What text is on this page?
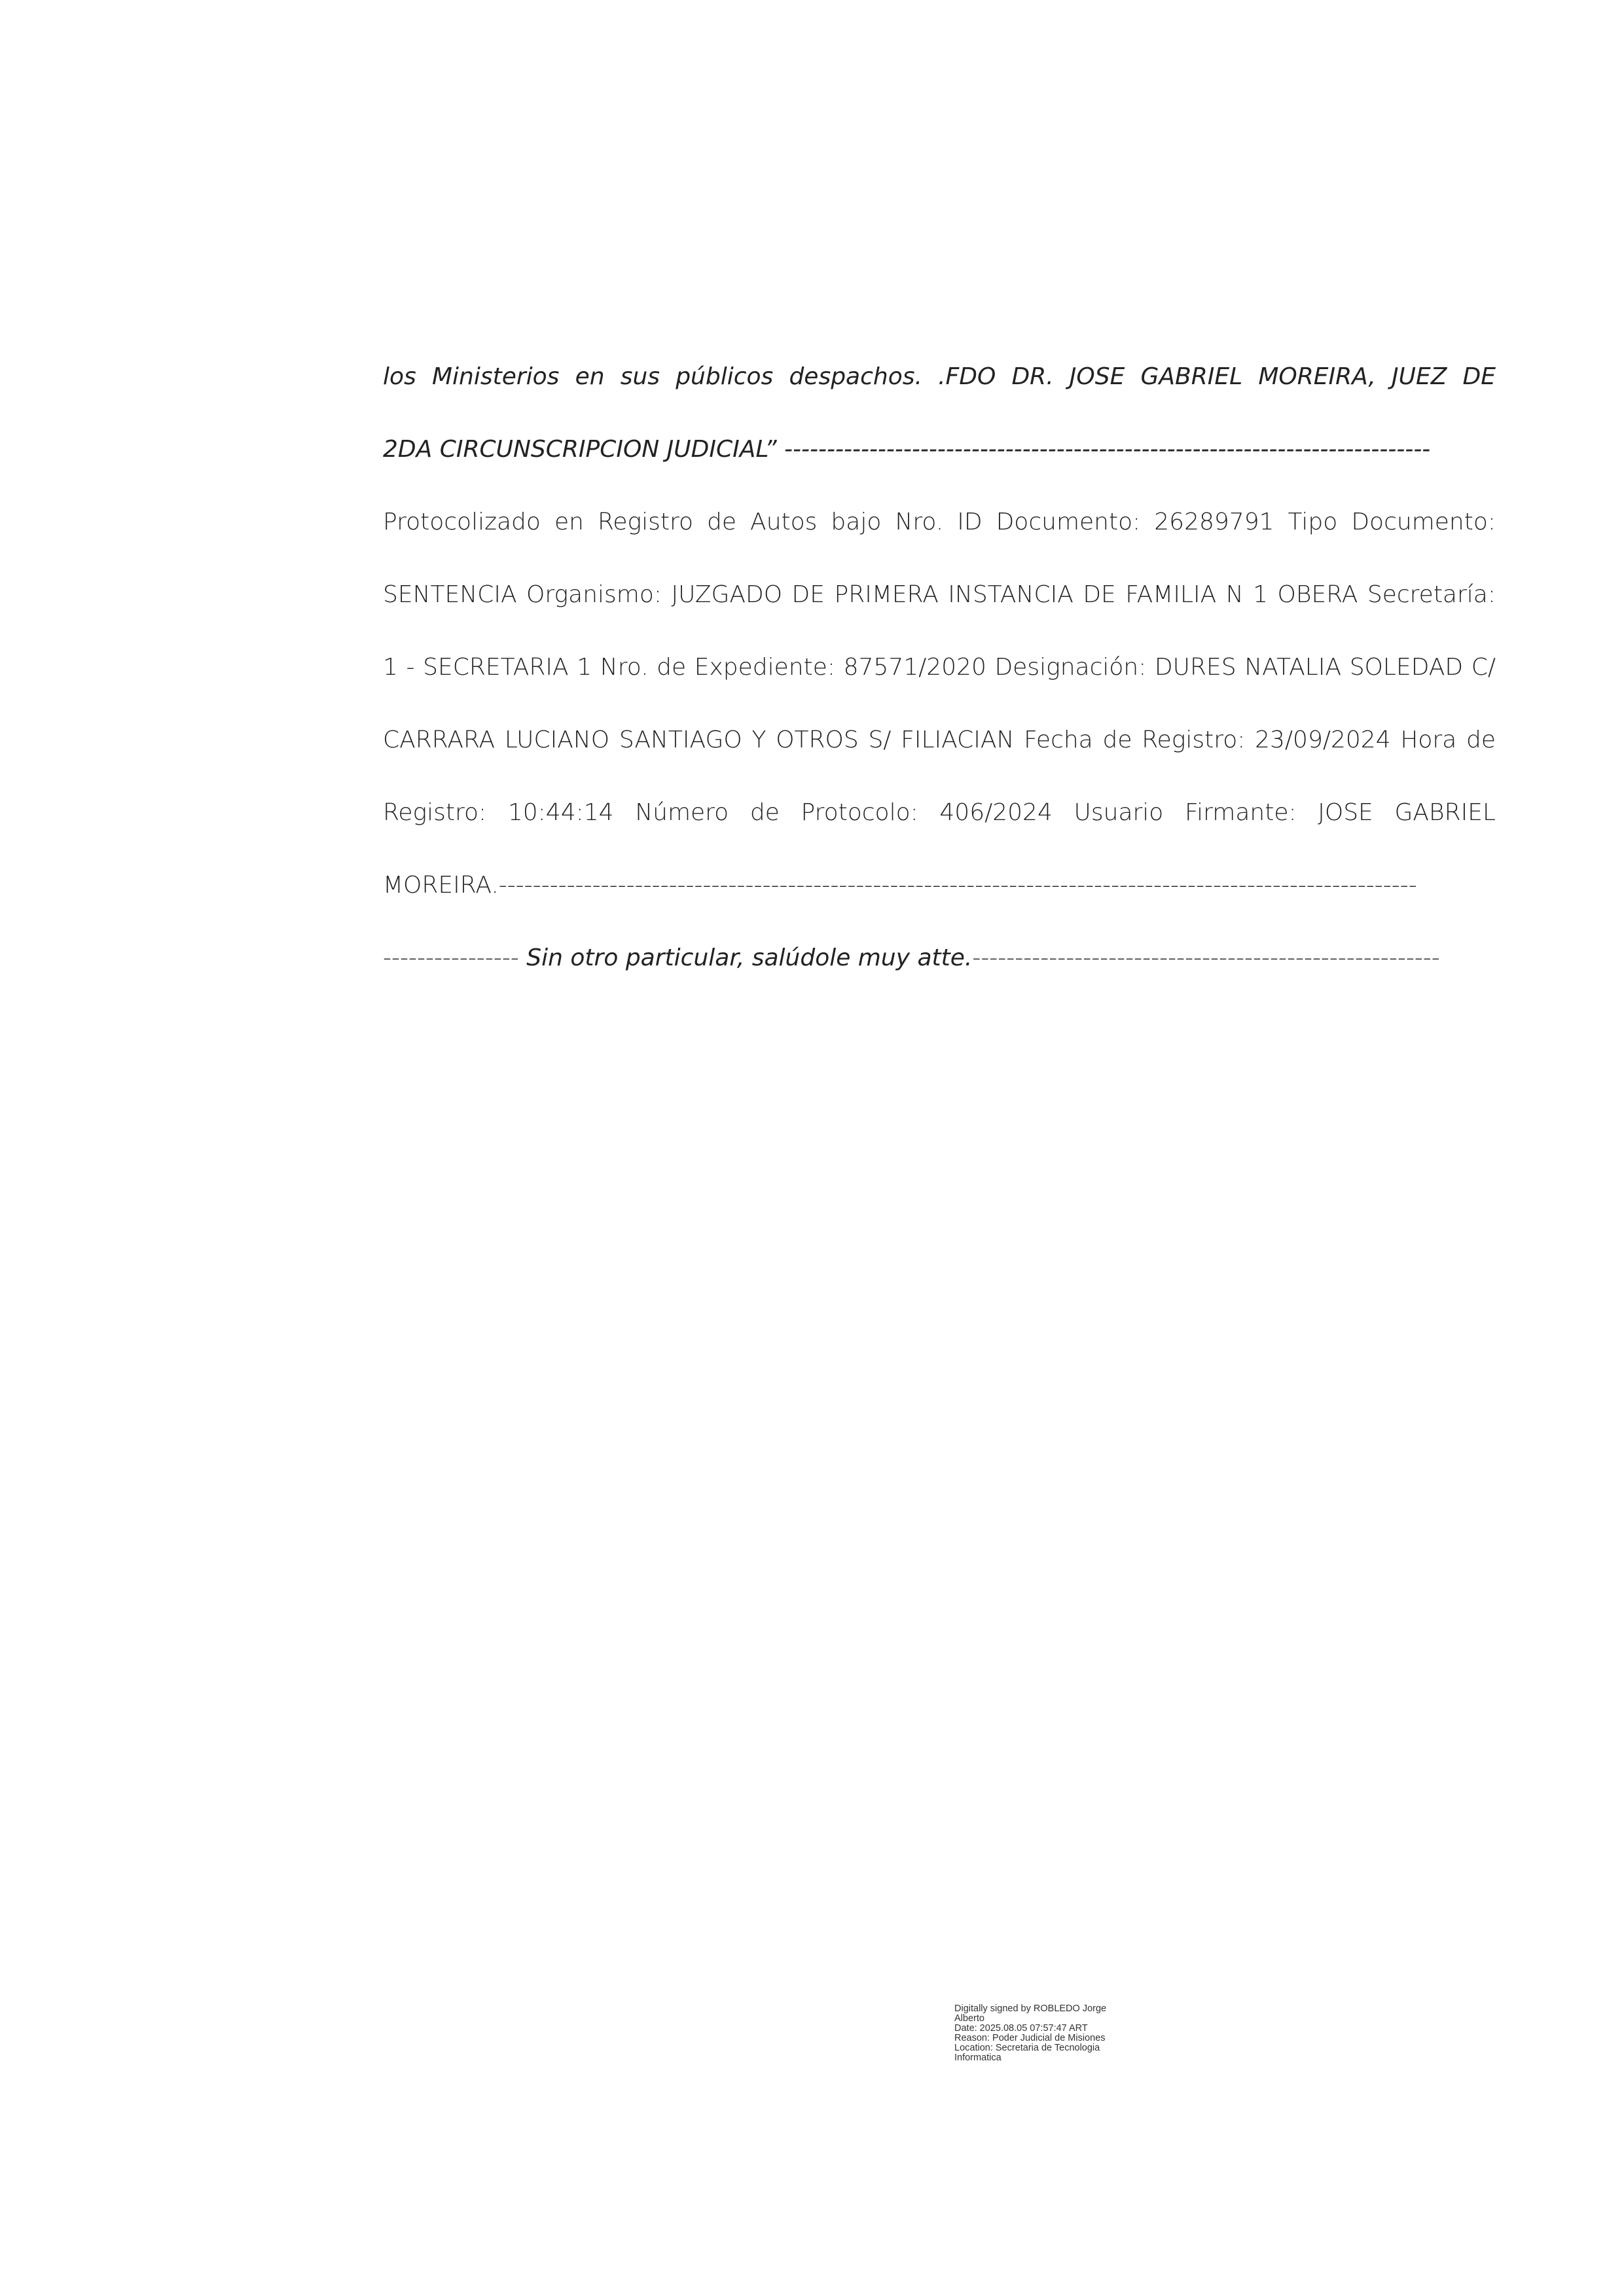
los Ministerios en sus públicos despachos. .FDO DR. JOSE GABRIEL MOREIRA, JUEZ DE
2DA CIRCUNSCRIPCION JUDICIAL” ----------------------------------------------------------------------------
Protocolizado en Registro de Autos bajo Nro. ID Documento: 26289791 Tipo Documento:
SENTENCIA Organismo: JUZGADO DE PRIMERA INSTANCIA DE FAMILIA N 1 OBERA Secretaría:
1 - SECRETARIA 1 Nro. de Expediente: 87571/2020 Designación: DURES NATALIA SOLEDAD C/
CARRARA LUCIANO SANTIAGO Y OTROS S/ FILIACIAN Fecha de Registro: 23/09/2024 Hora de
Registro: 10:44:14 Número de Protocolo: 406/2024 Usuario Firmante: JOSE GABRIEL
MOREIRA.------------------------------------------------------------------------------------------------------------
---------------- Sin otro particular, salúdole muy atte.-------------------------------------------------------
Digitally signed by ROBLEDO Jorge
Alberto
Date: 2025.08.05 07:57:47 ART
Reason: Poder Judicial de Misiones
Location: Secretaria de Tecnologia
Informatica
